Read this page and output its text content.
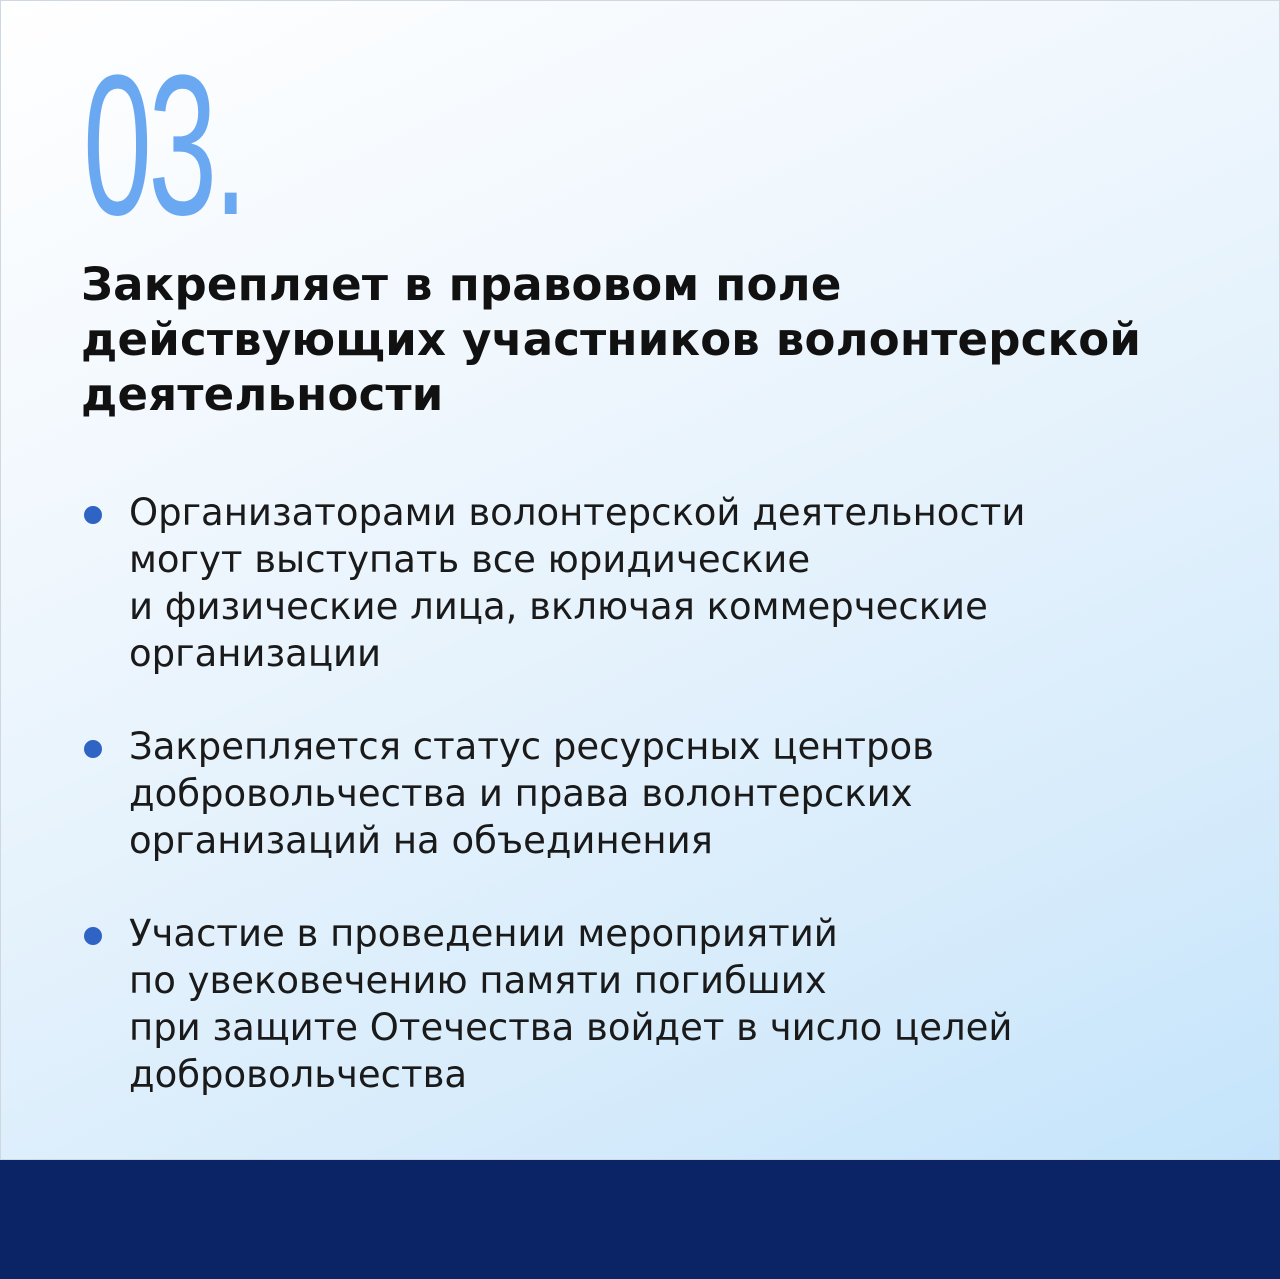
03.
Закрепляет в правовом поле
действующих участников волонтерской
деятельности
Организаторами волонтерской деятельности
могут выступать все юридические
и физические лица, включая коммерческие
организации
Закрепляется статус ресурсных центров
добровольчества и права волонтерских
организаций на объединения
Участие в проведении мероприятий
по увековечению памяти погибших
при защите Отечества войдет в число целей
добровольчества
